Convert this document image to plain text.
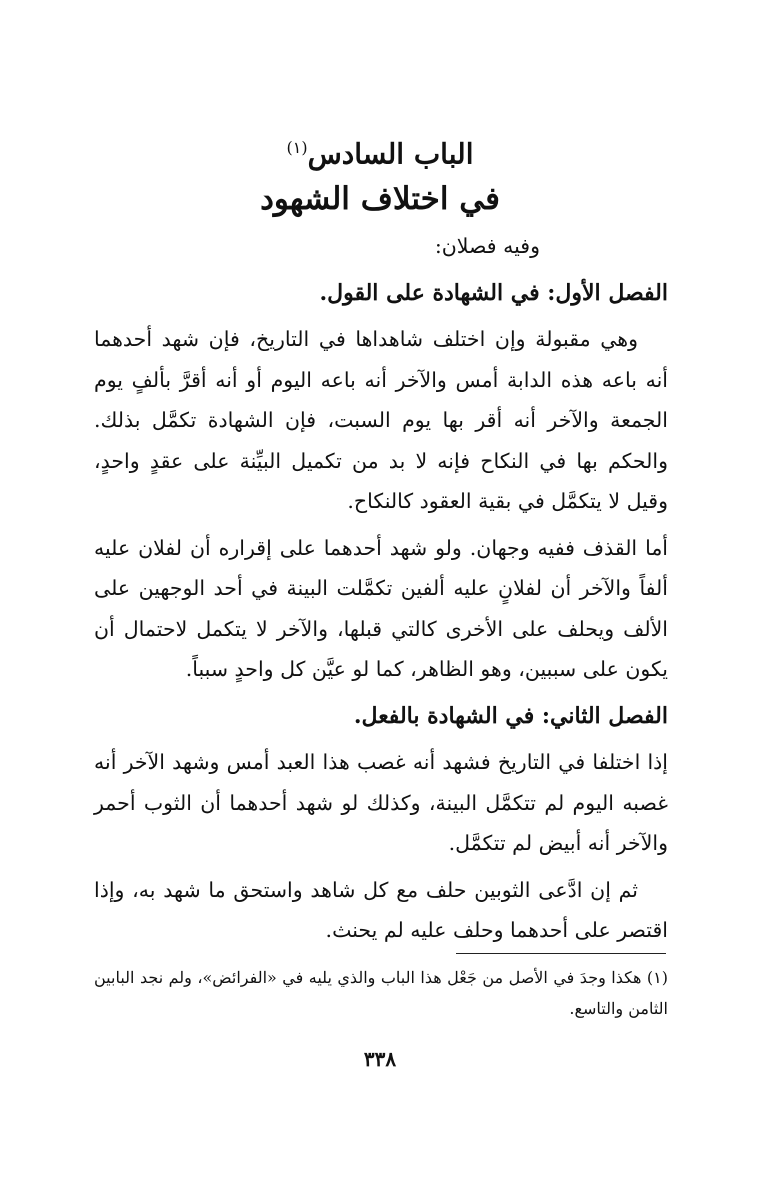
الباب السادس$^{(١)}$
في اختلاف الشهود

وفيه فصلان:

الفصل الأول: في الشهادة على القول.

وهي مقبولة وإن اختلف شاهداها في التاريخ، فإن شهد أحدهما أنه باعه هذه الدابة أمس والآخر أنه باعه اليوم أو أنه أقرَّ بألفٍ يوم الجمعة والآخر أنه أقر بها يوم السبت، فإن الشهادة تكمَّل بذلك. والحكم بها في النكاح فإنه لا بد من تكميل البيِّنة على عقدٍ واحدٍ، وقيل لا يتكمَّل في بقية العقود كالنكاح.

أما القذف ففيه وجهان. ولو شهد أحدهما على إقراره أن لفلان عليه ألفاً والآخر أن لفلانٍ عليه ألفين تكمَّلت البينة في أحد الوجهين على الألف ويحلف على الأخرى كالتي قبلها، والآخر لا يتكمل لاحتمال أن يكون على سببين، وهو الظاهر، كما لو عيَّن كل واحدٍ سبباً.

الفصل الثاني: في الشهادة بالفعل.

إذا اختلفا في التاريخ فشهد أنه غصب هذا العبد أمس وشهد الآخر أنه غصبه اليوم لم تتكمَّل البينة، وكذلك لو شهد أحدهما أن الثوب أحمر والآخر أنه أبيض لم تتكمَّل.

ثم إن ادَّعى الثوبين حلف مع كل شاهد واستحق ما شهد به، وإذا اقتصر على أحدهما وحلف عليه لم يحنث.

(١) هكذا وجدَ في الأصل من جَعْل هذا الباب والذي يليه في «الفرائض»، ولم نجد البابين الثامن والتاسع.
٣٣٨
